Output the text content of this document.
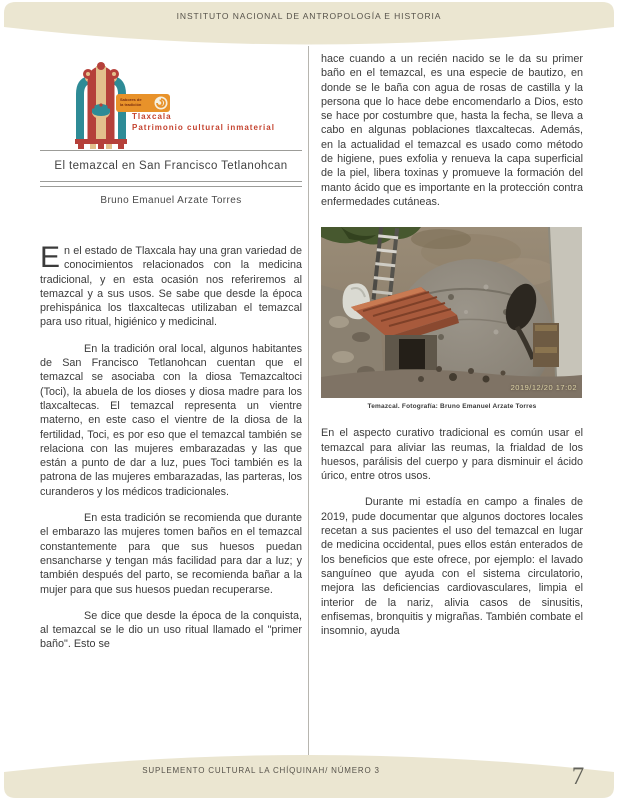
INSTITUTO NACIONAL DE ANTROPOLOGÍA E HISTORIA
SUPLEMENTO CULTURAL LA CHÍQUINAH/ NÚMERO 3	7
Sabores de
la tradición
Tlaxcala
Patrimonio cultural inmaterial
El temazcal en San Francisco Tetlanohcan
Bruno Emanuel Arzate Torres

En el estado de Tlaxcala hay una gran variedad de conocimientos relacionados con la medicina tradicional, y en esta ocasión nos referiremos al temazcal y a sus usos. Se sabe que desde la época prehispánica los tlaxcaltecas utilizaban el temazcal para uso ritual, higiénico y medicinal.

En la tradición oral local, algunos habitantes de San Francisco Tetlanohcan cuentan que el temazcal se asociaba con la diosa Temazcaltoci (Toci), la abuela de los dioses y diosa madre para los tlaxcaltecas. El temazcal representa un vientre materno, en este caso el vientre de la diosa de la fertilidad, Toci, es por eso que el temazcal también se relaciona con las mujeres embarazadas y las que están a punto de dar a luz, pues Toci también es la patrona de las mujeres embarazadas, las parteras, los curanderos y los médicos tradicionales.

En esta tradición se recomienda que durante el embarazo las mujeres tomen baños en el temazcal constantemente para que sus huesos puedan ensancharse y tengan más facilidad para dar a luz; y también después del parto, se recomienda bañar a la mujer para que sus huesos puedan recuperarse.

Se dice que desde la época de la conquista, al temazcal se le dio un uso ritual llamado el "primer baño". Esto se

hace cuando a un recién nacido se le da su primer baño en el temazcal, es una especie de bautizo, en donde se le baña con agua de rosas de castilla y la persona que lo hace debe encomendarlo a Dios, esto se hace por costumbre que, hasta la fecha, se lleva a cabo en algunas poblaciones tlaxcaltecas. Además, en la actualidad el temazcal es usado como método de higiene, pues exfolia y renueva la capa superficial de la piel, libera toxinas y promueve la formación del manto ácido que es importante en la protección contra enfermedades cutáneas.

2019/12/20 17:02
Temazcal. Fotografía: Bruno Emanuel Arzate Torres

En el aspecto curativo tradicional es común usar el temazcal para aliviar las reumas, la frialdad de los huesos, parálisis del cuerpo y para disminuir el ácido úrico, entre otros usos.

Durante mi estadía en campo a finales de 2019, pude documentar que algunos doctores locales recetan a sus pacientes el uso del temazcal en lugar de medicina occidental, pues ellos están enterados de los beneficios que este ofrece, por ejemplo: el lavado sanguíneo que ayuda con el sistema circulatorio, mejora las deficiencias cardiovasculares, limpia el interior de la nariz, alivia casos de sinusitis, enfisemas, bronquitis y migrañas. También combate el insomnio, ayuda
